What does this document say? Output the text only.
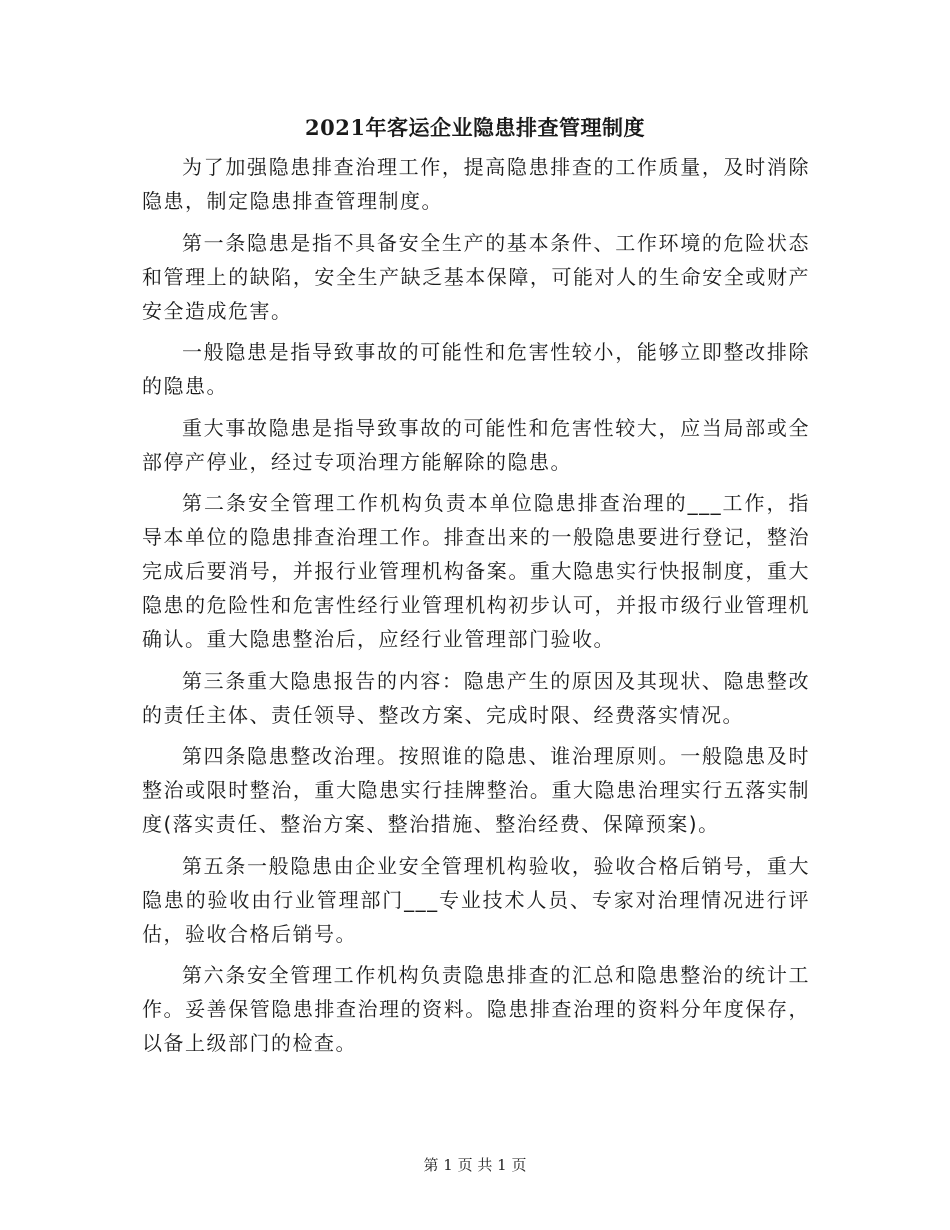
2021年客运企业隐患排查管理制度

为了加强隐患排查治理工作，提高隐患排查的工作质量，及时消除隐患，制定隐患排查管理制度。

第一条隐患是指不具备安全生产的基本条件、工作环境的危险状态和管理上的缺陷，安全生产缺乏基本保障，可能对人的生命安全或财产安全造成危害。

一般隐患是指导致事故的可能性和危害性较小，能够立即整改排除的隐患。

重大事故隐患是指导致事故的可能性和危害性较大，应当局部或全部停产停业，经过专项治理方能解除的隐患。

第二条安全管理工作机构负责本单位隐患排查治理的___工作，指导本单位的隐患排查治理工作。排查出来的一般隐患要进行登记，整治完成后要消号，并报行业管理机构备案。重大隐患实行快报制度，重大隐患的危险性和危害性经行业管理机构初步认可，并报市级行业管理机确认。重大隐患整治后，应经行业管理部门验收。

第三条重大隐患报告的内容：隐患产生的原因及其现状、隐患整改的责任主体、责任领导、整改方案、完成时限、经费落实情况。

第四条隐患整改治理。按照谁的隐患、谁治理原则。一般隐患及时整治或限时整治，重大隐患实行挂牌整治。重大隐患治理实行五落实制度(落实责任、整治方案、整治措施、整治经费、保障预案)。

第五条一般隐患由企业安全管理机构验收，验收合格后销号，重大隐患的验收由行业管理部门___专业技术人员、专家对治理情况进行评估，验收合格后销号。

第六条安全管理工作机构负责隐患排查的汇总和隐患整治的统计工作。妥善保管隐患排查治理的资料。隐患排查治理的资料分年度保存，以备上级部门的检查。

第 1 页 共 1 页
